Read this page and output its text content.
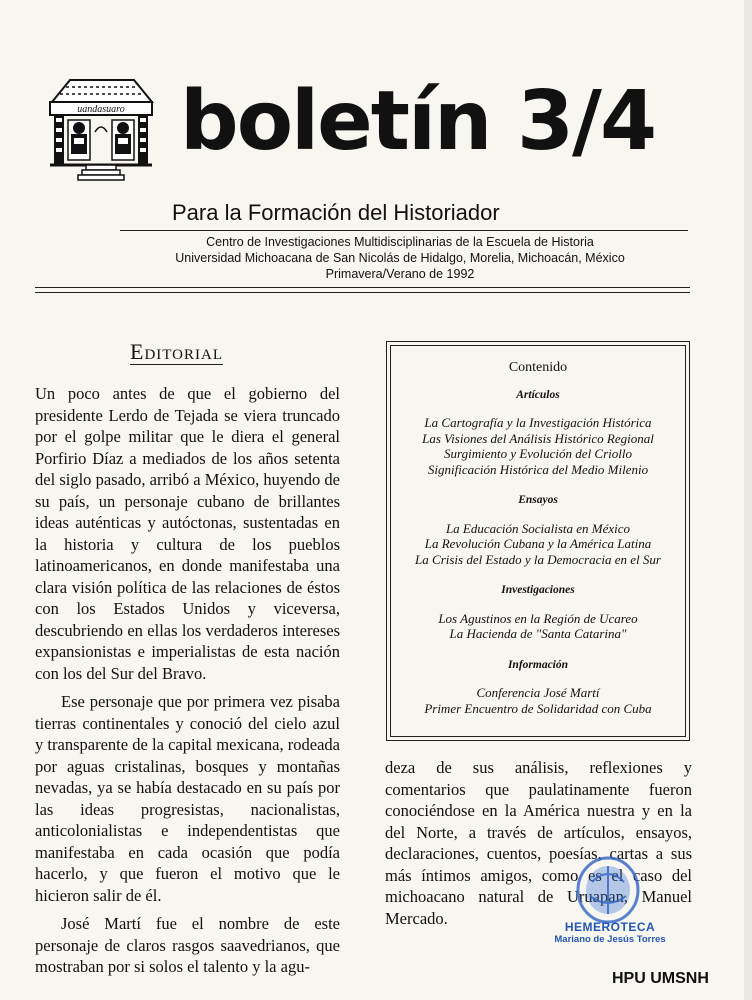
uandasuaro boletín 3/4
Para la Formación del Historiador
Centro de Investigaciones Multidisciplinarias de la Escuela de Historia
Universidad Michoacana de San Nicolás de Hidalgo, Morelia, Michoacán, México
Primavera/Verano de 1992
Editorial

Un poco antes de que el gobierno del presidente Lerdo de Tejada se viera truncado por el golpe militar que le diera el general Porfirio Díaz a mediados de los años setenta del siglo pasado, arribó a México, huyendo de su país, un personaje cubano de brillantes ideas auténticas y autóctonas, sustentadas en la historia y cultura de los pueblos latinoamericanos, en donde manifestaba una clara visión política de las relaciones de éstos con los Estados Unidos y viceversa, descubriendo en ellas los verdaderos intereses expansionistas e imperialistas de esta nación con los del Sur del Bravo.

Ese personaje que por primera vez pisaba tierras continentales y conoció del cielo azul y transparente de la capital mexicana, rodeada por aguas cristalinas, bosques y montañas nevadas, ya se había destacado en su país por las ideas progresistas, nacionalistas, anticolonialistas e independentistas que manifestaba en cada ocasión que podía hacerlo, y que fueron el motivo que le hicieron salir de él.

José Martí fue el nombre de este personaje de claros rasgos saavedrianos, que mostraban por si solos el talento y la agu-

Contenido
Artículos
La Cartografía y la Investigación Histórica
Las Visiones del Análisis Histórico Regional
Surgimiento y Evolución del Criollo
Significación Histórica del Medio Milenio
Ensayos
La Educación Socialista en México
La Revolución Cubana y la América Latina
La Crisis del Estado y la Democracia en el Sur
Investigaciones
Los Agustinos en la Región de Ucareo
La Hacienda de "Santa Catarina"
Información
Conferencia José Martí
Primer Encuentro de Solidaridad con Cuba

deza de sus análisis, reflexiones y comentarios que paulatinamente fueron conociéndose en la América nuestra y en la del Norte, a través de artículos, ensayos, declaraciones, cuentos, poesías, cartas a sus más íntimos amigos, como es el caso del michoacano natural de Uruapan, Manuel Mercado.	HEMEROTECA
Mariano de Jesús Torres
HPU UMSNH
